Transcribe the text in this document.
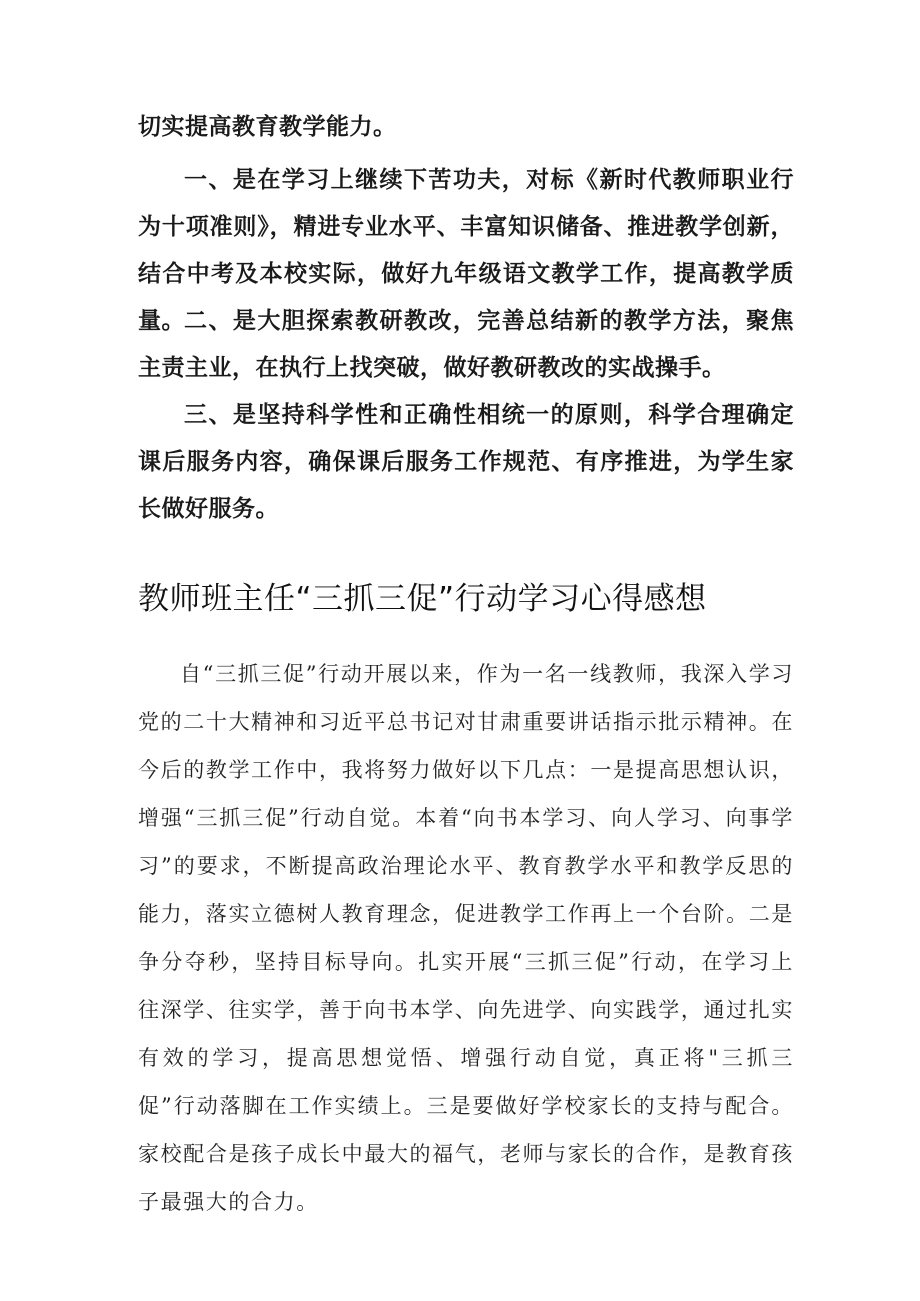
切实提高教育教学能力。

一、是在学习上继续下苦功夫，对标《新时代教师职业行为十项准则》，精进专业水平、丰富知识储备、推进教学创新，结合中考及本校实际，做好九年级语文教学工作，提高教学质量。 二、是大胆探索教研教改，完善总结新的教学方法，聚焦主责主业，在执行上找突破，做好教研教改的实战操手。

三、是坚持科学性和正确性相统一的原则，科学合理确定课后服务内容，确保课后服务工作规范、有序推进，为学生家长做好服务。

教师班主任“三抓三促”行动学习心得感想

自“三抓三促”行动开展以来，作为一名一线教师，我深入学习党的二十大精神和习近平总书记对甘肃重要讲话指示批示精神。在今后的教学工作中，我将努力做好以下几点：一是提高思想认识，增强“三抓三促”行动自觉。本着“向书本学习、向人学习、向事学习”的要求，不断提高政治理论水平、教育教学水平和教学反思的能力，落实立德树人教育理念，促进教学工作再上一个台阶。二是争分夺秒，坚持目标导向。扎实开展“三抓三促”行动，在学习上往深学、往实学，善于向书本学、向先进学、向实践学，通过扎实有效的学习，提高思想觉悟、增强行动自觉，真正将"三抓三促”行动落脚在工作实绩上。三是要做好学校家长的支持与配合。家校配合是孩子成长中最大的福气，老师与家长的合作，是教育孩子最强大的合力。
